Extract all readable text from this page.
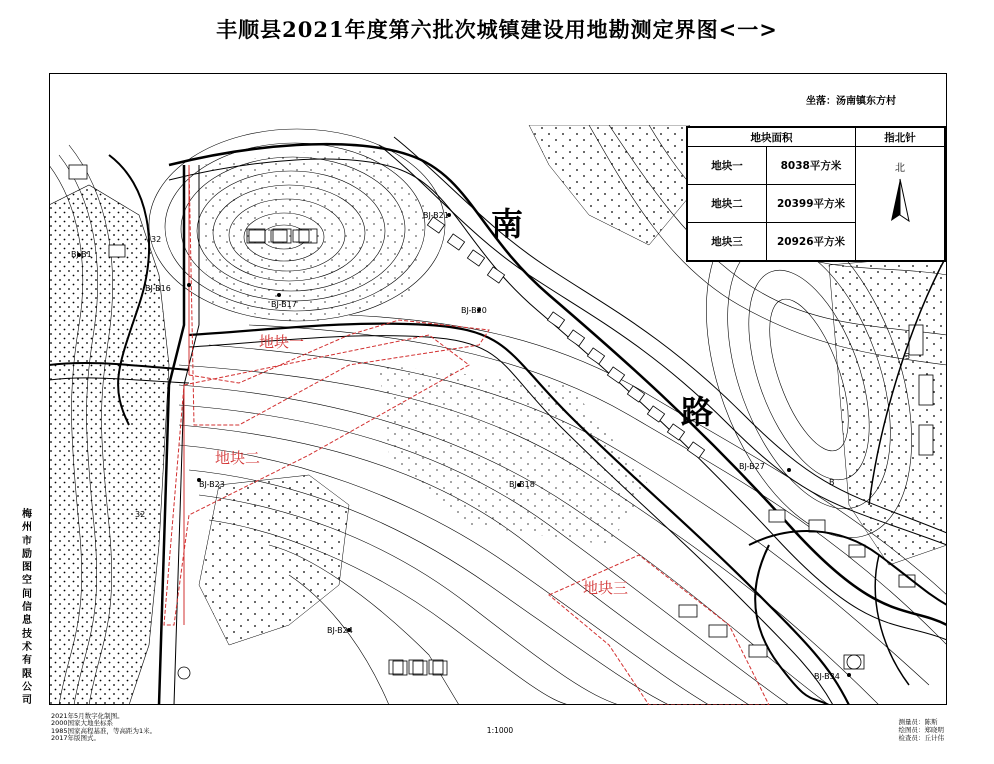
丰顺县2021年度第六批次城镇建设用地勘测定界图<一>
坐落：汤南镇东方村
BJ-B1
BJ-B16
BJ-B17
BJ-B21
BJ-B20
BJ-B18
BJ-B23
BJ-B24
BJ-B27
BJ-B34
32
32
3
B
南
路
地块一
地块二
地块三
地块面积		指北针
地块一	8038平方米	北

地块二	20399平方米	
地块三	20926平方米	
梅州市励图空间信息技术有限公司
2021年5月数字化制图。
2000国家大地坐标系
1985国家高程基准，等高距为1米。
2017年版图式。
1:1000
测量员：陈斯
绘图员：郑晓明
检查员：丘计伟
